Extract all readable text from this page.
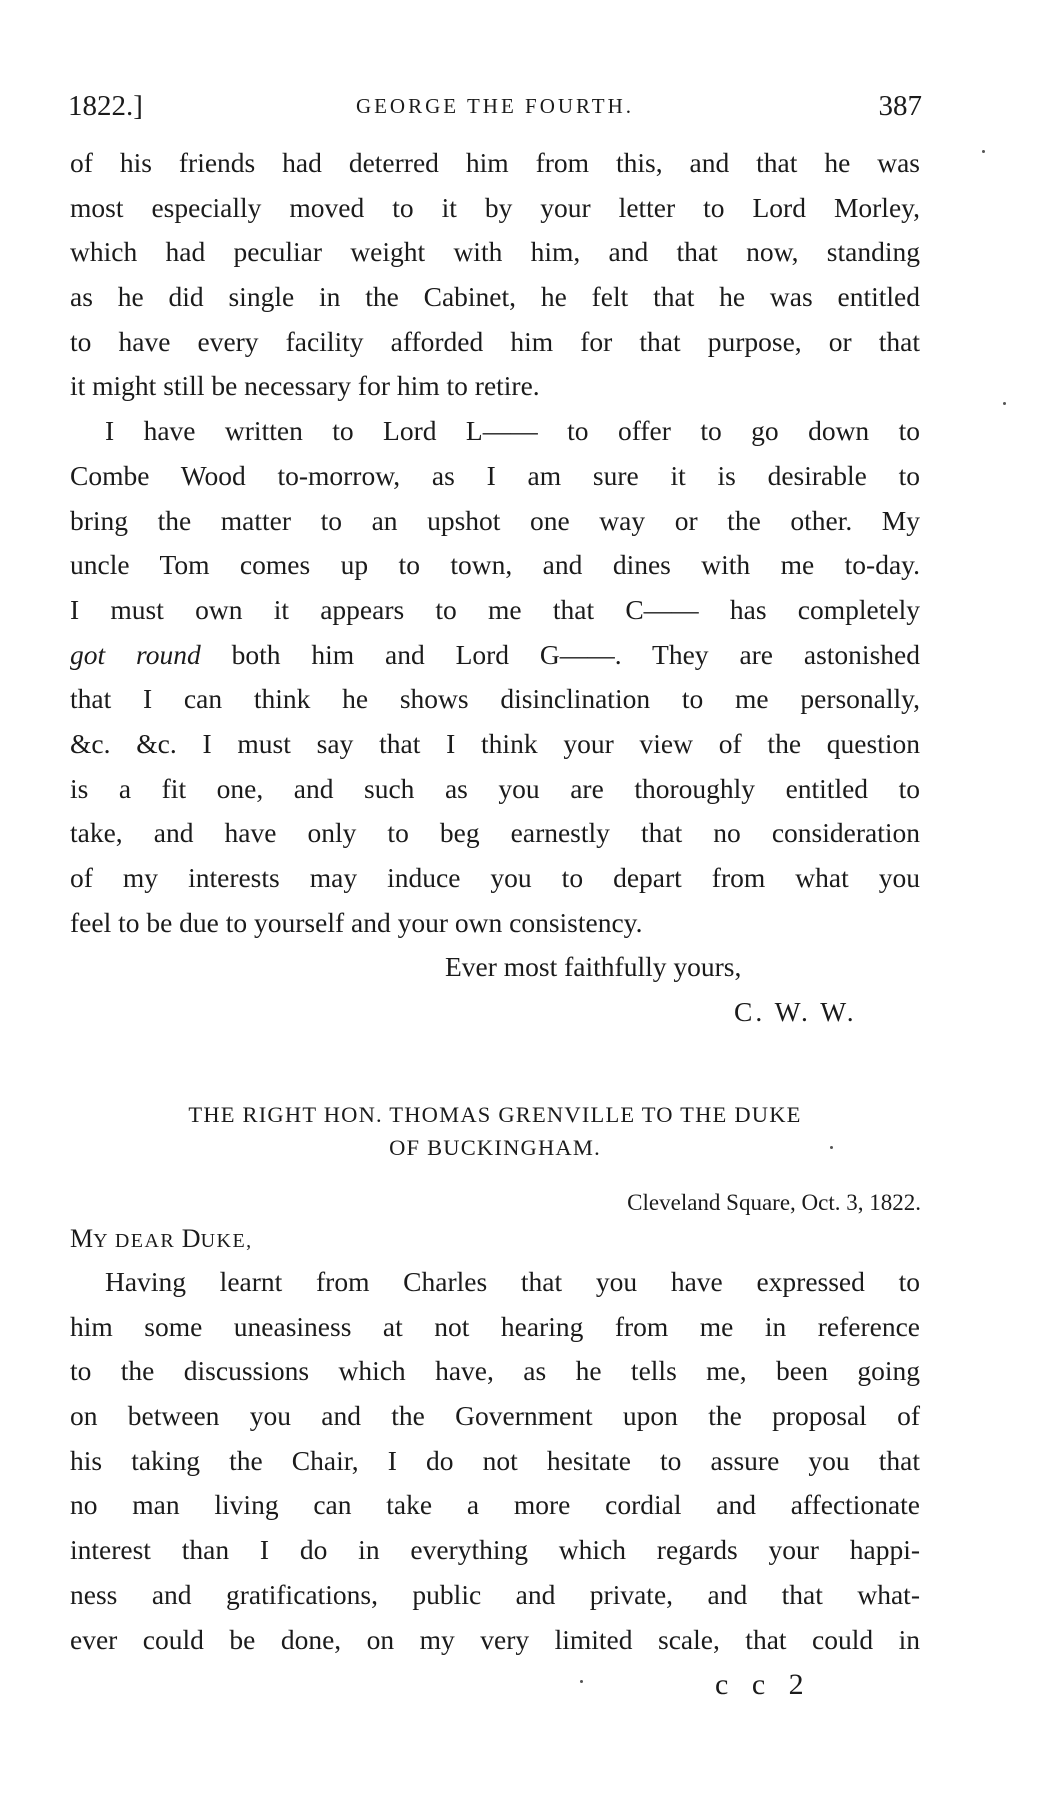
1822.]	GEORGE THE FOURTH.	387
of his friends had deterred him from this, and that he was
most especially moved to it by your letter to Lord Morley,
which had peculiar weight with him, and that now, standing
as he did single in the Cabinet, he felt that he was entitled
to have every facility afforded him for that purpose, or that
it might still be necessary for him to retire.
I have written to Lord L—— to offer to go down to
Combe Wood to-morrow, as I am sure it is desirable to
bring the matter to an upshot one way or the other. My
uncle Tom comes up to town, and dines with me to-day.
I must own it appears to me that C—— has completely
got round both him and Lord G——. They are astonished
that I can think he shows disinclination to me personally,
&c. &c. I must say that I think your view of the question
is a fit one, and such as you are thoroughly entitled to
take, and have only to beg earnestly that no consideration
of my interests may induce you to depart from what you
feel to be due to yourself and your own consistency.
Ever most faithfully yours,
C. W. W.
THE RIGHT HON. THOMAS GRENVILLE TO THE DUKE
OF BUCKINGHAM.
Cleveland Square, Oct. 3, 1822.
MY DEAR DUKE,
Having learnt from Charles that you have expressed to
him some uneasiness at not hearing from me in reference
to the discussions which have, as he tells me, been going
on between you and the Government upon the proposal of
his taking the Chair, I do not hesitate to assure you that
no man living can take a more cordial and affectionate
interest than I do in everything which regards your happi-
ness and gratifications, public and private, and that what-
ever could be done, on my very limited scale, that could in
c c 2
